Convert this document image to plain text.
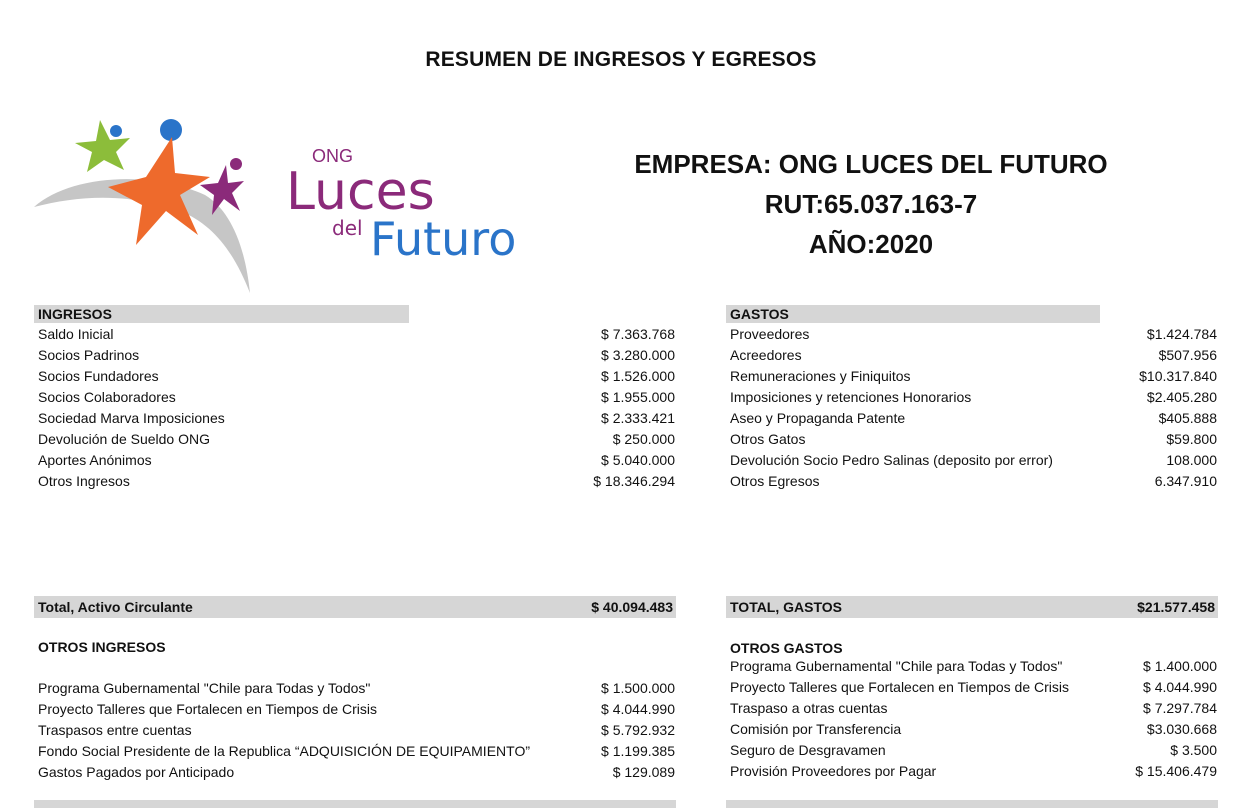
RESUMEN DE INGRESOS Y EGRESOS
ONG
Luces
del Futuro
EMPRESA: ONG LUCES DEL FUTURO
RUT:65.037.163-7
AÑO:2020
INGRESOS
Saldo Inicial	$ 7.363.768
Socios Padrinos	$ 3.280.000
Socios Fundadores	$ 1.526.000
Socios Colaboradores	$ 1.955.000
Sociedad Marva Imposiciones	$ 2.333.421
Devolución de Sueldo ONG	$ 250.000
Aportes Anónimos	$ 5.040.000
Otros Ingresos	$ 18.346.294
GASTOS
Proveedores	$1.424.784
Acreedores	$507.956
Remuneraciones y Finiquitos	$10.317.840
Imposiciones y retenciones Honorarios	$2.405.280
Aseo y Propaganda Patente	$405.888
Otros Gatos	$59.800
Devolución Socio Pedro Salinas (deposito por error)	108.000
Otros Egresos	6.347.910
Total, Activo Circulante	$ 40.094.483	TOTAL, GASTOS	$21.577.458
OTROS INGRESOS
Programa Gubernamental "Chile para Todas y Todos"	$ 1.500.000
Proyecto Talleres que Fortalecen en Tiempos de Crisis	$ 4.044.990
Traspasos entre cuentas	$ 5.792.932
Fondo Social Presidente de la Republica “ADQUISICIÓN DE EQUIPAMIENTO”	$ 1.199.385
Gastos Pagados por Anticipado	$ 129.089
OTROS GASTOS
Programa Gubernamental "Chile para Todas y Todos"	$ 1.400.000
Proyecto Talleres que Fortalecen en Tiempos de Crisis	$ 4.044.990
Traspaso a otras cuentas	$ 7.297.784
Comisión por Transferencia	$3.030.668
Seguro de Desgravamen	$ 3.500
Provisión Proveedores por Pagar	$ 15.406.479
